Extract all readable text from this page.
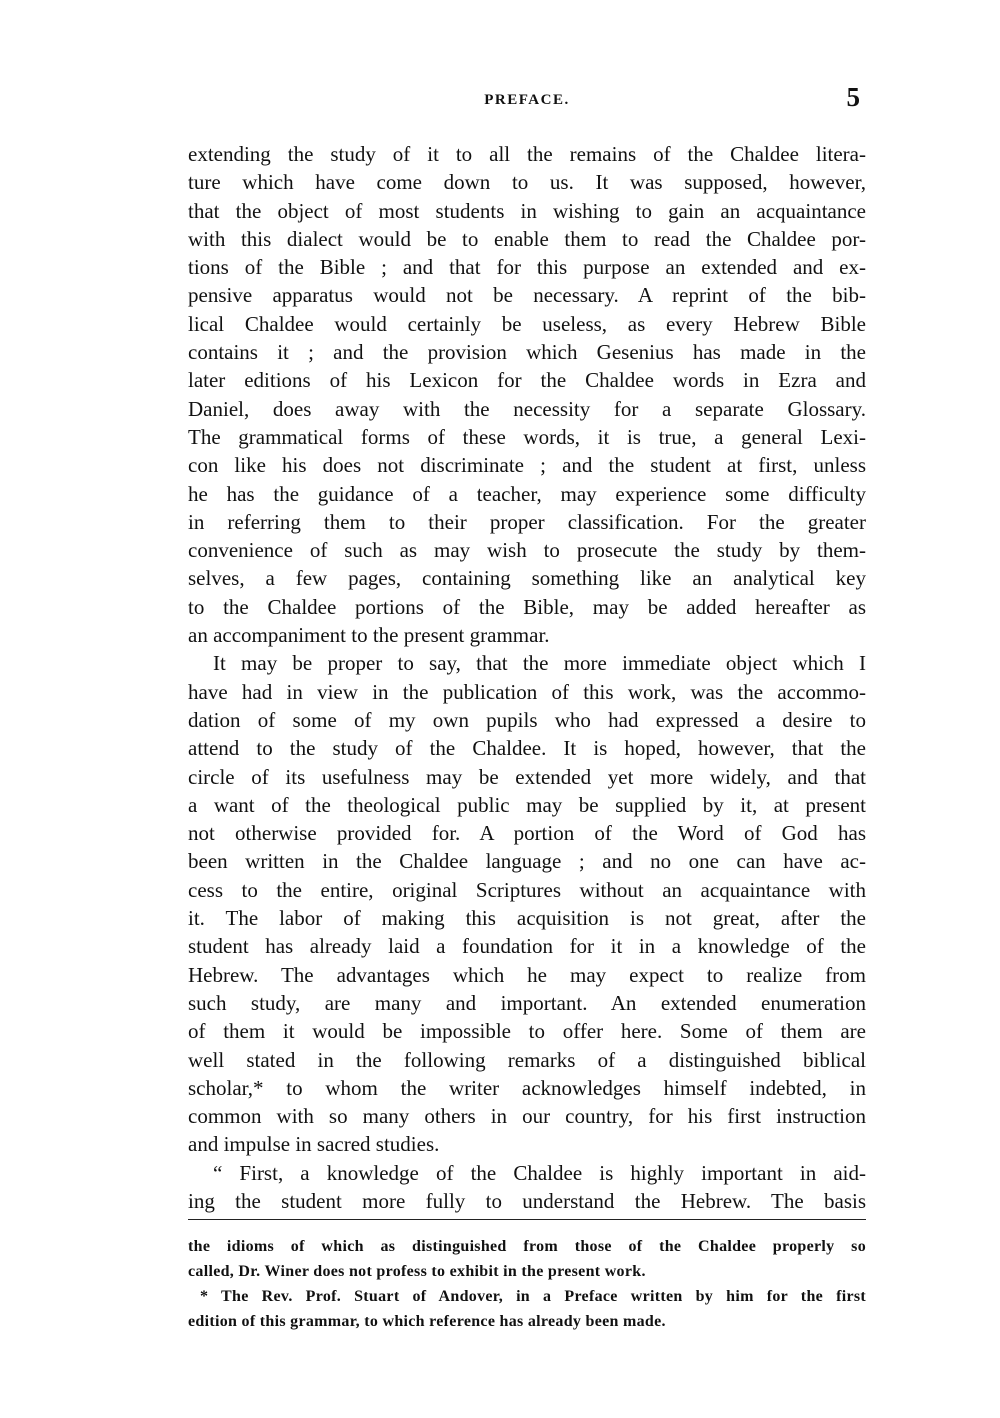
PREFACE.	5
extending the study of it to all the remains of the Chaldee litera-
ture which have come down to us. It was supposed, however,
that the object of most students in wishing to gain an acquaintance
with this dialect would be to enable them to read the Chaldee por-
tions of the Bible ; and that for this purpose an extended and ex-
pensive apparatus would not be necessary. A reprint of the bib-
lical Chaldee would certainly be useless, as every Hebrew Bible
contains it ; and the provision which Gesenius has made in the
later editions of his Lexicon for the Chaldee words in Ezra and
Daniel, does away with the necessity for a separate Glossary.
The grammatical forms of these words, it is true, a general Lexi-
con like his does not discriminate ; and the student at first, unless
he has the guidance of a teacher, may experience some difficulty
in referring them to their proper classification. For the greater
convenience of such as may wish to prosecute the study by them-
selves, a few pages, containing something like an analytical key
to the Chaldee portions of the Bible, may be added hereafter as
an accompaniment to the present grammar.
It may be proper to say, that the more immediate object which I
have had in view in the publication of this work, was the accommo-
dation of some of my own pupils who had expressed a desire to
attend to the study of the Chaldee. It is hoped, however, that the
circle of its usefulness may be extended yet more widely, and that
a want of the theological public may be supplied by it, at present
not otherwise provided for. A portion of the Word of God has
been written in the Chaldee language ; and no one can have ac-
cess to the entire, original Scriptures without an acquaintance with
it. The labor of making this acquisition is not great, after the
student has already laid a foundation for it in a knowledge of the
Hebrew. The advantages which he may expect to realize from
such study, are many and important. An extended enumeration
of them it would be impossible to offer here. Some of them are
well stated in the following remarks of a distinguished biblical
scholar,* to whom the writer acknowledges himself indebted, in
common with so many others in our country, for his first instruction
and impulse in sacred studies.
“ First, a knowledge of the Chaldee is highly important in aid-
ing the student more fully to understand the Hebrew. The basis
the idioms of which as distinguished from those of the Chaldee properly so
called, Dr. Winer does not profess to exhibit in the present work.
* The Rev. Prof. Stuart of Andover, in a Preface written by him for the first
edition of this grammar, to which reference has already been made.
